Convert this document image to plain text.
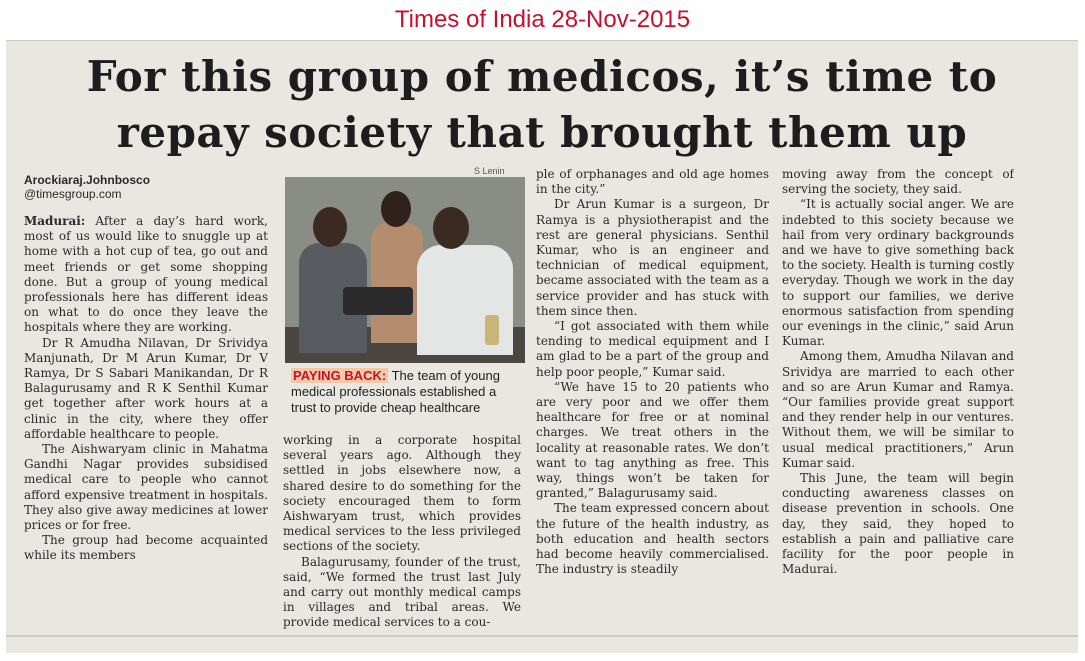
Times of India 28-Nov-2015
For this group of medicos, it’s time to
repay society that brought them up
Arockiaraj.Johnbosco
@timesgroup.com
S Lenin
PAYING BACK: The team of young medical professionals established a trust to provide cheap healthcare

Madurai: After a day’s hard work, most of us would like to snuggle up at home with a hot cup of tea, go out and meet friends or get some shopping done. But a group of young medical professionals here has different ideas on what to do once they leave the hospitals where they are working.

Dr R Amudha Nilavan, Dr Srividya Manjunath, Dr M Arun Kumar, Dr V Ramya, Dr S Sabari Manikandan, Dr R Balagurusamy and R K Senthil Kumar get together after work hours at a clinic in the city, where they offer affordable healthcare to people.

The Aishwaryam clinic in Mahatma Gandhi Nagar provides subsidised medical care to people who cannot afford expensive treatment in hospitals. They also give away medicines at lower prices or for free.

The group had become acquainted while its members

working in a corporate hospital several years ago. Although they settled in jobs elsewhere now, a shared desire to do something for the society encouraged them to form Aishwaryam trust, which provides medical services to the less privileged sections of the society.

Balagurusamy, founder of the trust, said, “We formed the trust last July and carry out monthly medical camps in villages and tribal areas. We provide medical services to a cou-

ple of orphanages and old age homes in the city.”

Dr Arun Kumar is a surgeon, Dr Ramya is a physiotherapist and the rest are general physicians. Senthil Kumar, who is an engineer and technician of medical equipment, became associated with the team as a service provider and has stuck with them since then.

“I got associated with them while tending to medical equipment and I am glad to be a part of the group and help poor people,” Kumar said.

“We have 15 to 20 patients who are very poor and we offer them healthcare for free or at nominal charges. We treat others in the locality at reasonable rates. We don’t want to tag anything as free. This way, things won’t be taken for granted,” Balagurusamy said.

The team expressed concern about the future of the health industry, as both education and health sectors had become heavily commercialised. The industry is steadily

moving away from the concept of serving the society, they said.

“It is actually social anger. We are indebted to this society because we hail from very ordinary backgrounds and we have to give something back to the society. Health is turning costly everyday. Though we work in the day to support our families, we derive enormous satisfaction from spending our evenings in the clinic,” said Arun Kumar.

Among them, Amudha Nilavan and Srividya are married to each other and so are Arun Kumar and Ramya. “Our families provide great support and they render help in our ventures. Without them, we will be similar to usual medical practitioners,” Arun Kumar said.

This June, the team will begin conducting awareness classes on disease prevention in schools. One day, they said, they hoped to establish a pain and palliative care facility for the poor people in Madurai.
